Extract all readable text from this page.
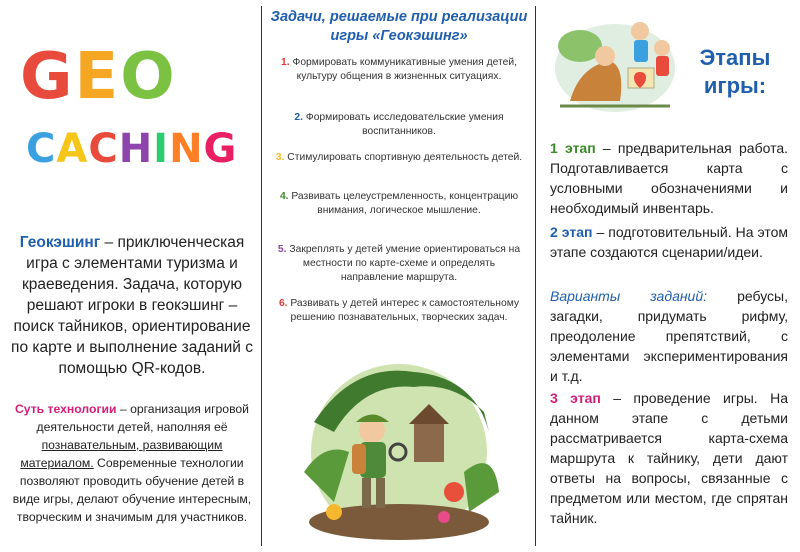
GEO
CACHING
Геокэшинг – приключенческая игра с элементами туризма и краеведения. Задача, которую решают игроки в геокэшинг – поиск тайников, ориентирование по карте и выполнение заданий с помощью QR-кодов.
Суть технологии – организация игровой деятельности детей, наполняя её познавательным, развивающим материалом. Современные технологии позволяют проводить обучение детей в виде игры, делают обучение интересным, творческим и значимым для участников.
Задачи, решаемые при реализации игры «Геокэшинг»
1. Формировать коммуникативные умения детей, культуру общения в жизненных ситуациях.
2. Формировать исследовательские умения воспитанников.
3. Стимулировать спортивную деятельность детей.
4. Развивать целеустремленность, концентрацию внимания, логическое мышление.
5. Закреплять у детей умение ориентироваться на местности по карте-схеме и определять направление маршрута.
6. Развивать у детей интерес к самостоятельному решению познавательных, творческих задач.
Этапы игры:
1 этап – предварительная работа. Подготавливается карта с условными обозначениями и необходимый инвентарь.
2 этап – подготовительный. На этом этапе создаются сценарии/идеи.
Варианты заданий: ребусы, загадки, придумать рифму, преодоление препятствий, с элементами экспериментирования и т.д.
3 этап – проведение игры. На данном этапе с детьми рассматривается карта-схема маршрута к тайнику, дети дают ответы на вопросы, связанные с предметом или местом, где спрятан тайник.
